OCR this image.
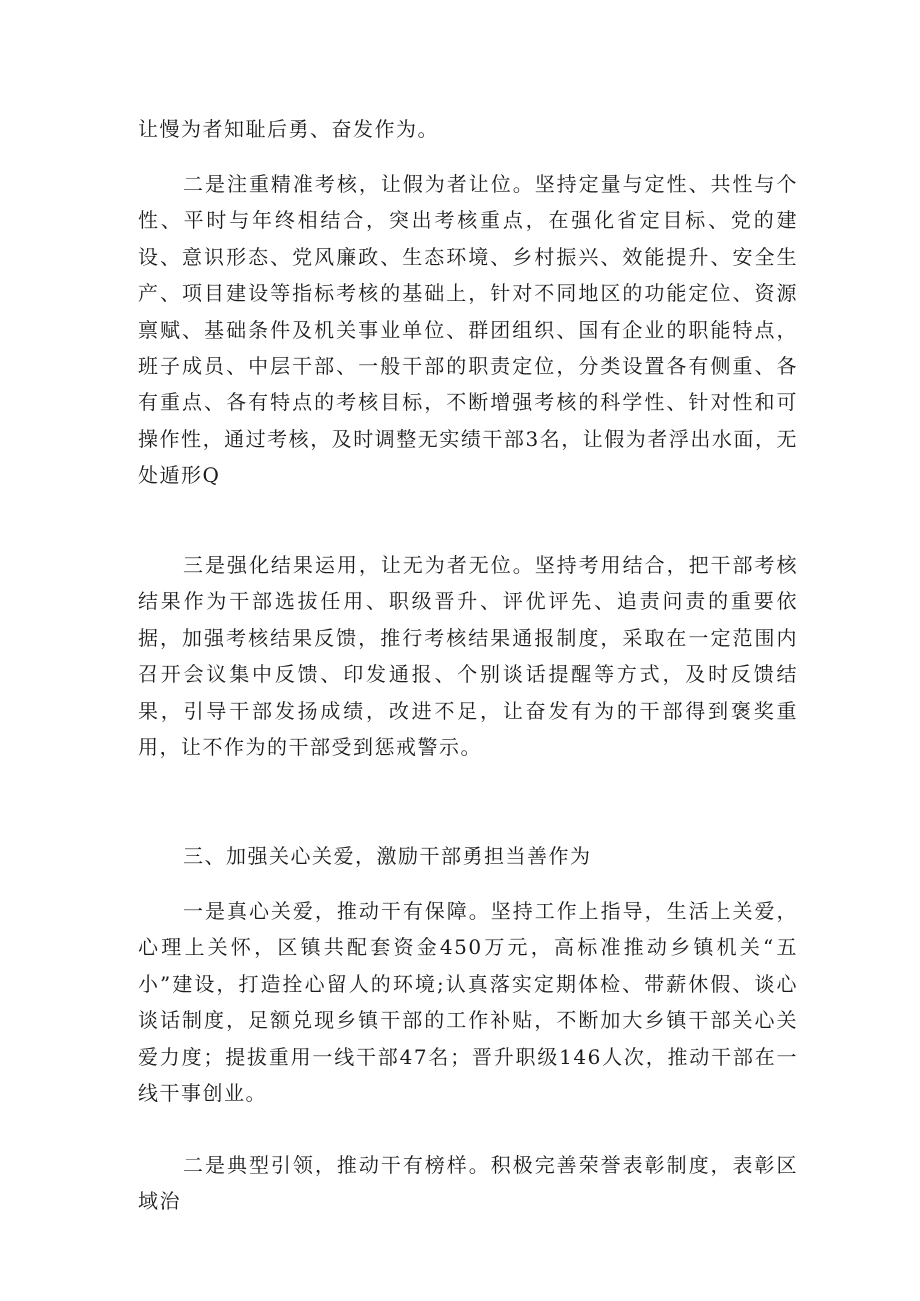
让慢为者知耻后勇、奋发作为。

二是注重精准考核，让假为者让位。坚持定量与定性、共性与个性、平时与年终相结合，突出考核重点，在强化省定目标、党的建设、意识形态、党风廉政、生态环境、乡村振兴、效能提升、安全生产、项目建设等指标考核的基础上，针对不同地区的功能定位、资源禀赋、基础条件及机关事业单位、群团组织、国有企业的职能特点，班子成员、中层干部、一般干部的职责定位，分类设置各有侧重、各有重点、各有特点的考核目标，不断增强考核的科学性、针对性和可操作性，通过考核，及时调整无实绩干部3名，让假为者浮出水面，无处遁形Q

三是强化结果运用，让无为者无位。坚持考用结合，把干部考核结果作为干部选拔任用、职级晋升、评优评先、追责问责的重要依据，加强考核结果反馈，推行考核结果通报制度，采取在一定范围内召开会议集中反馈、印发通报、个别谈话提醒等方式，及时反馈结果，引导干部发扬成绩，改进不足，让奋发有为的干部得到褒奖重用，让不作为的干部受到惩戒警示。

三、加强关心关爱，激励干部勇担当善作为

一是真心关爱，推动干有保障。坚持工作上指导，生活上关爱，心理上关怀，区镇共配套资金450万元，高标准推动乡镇机关“五小”建设，打造拴心留人的环境;认真落实定期体检、带薪休假、谈心谈话制度，足额兑现乡镇干部的工作补贴，不断加大乡镇干部关心关爱力度；提拔重用一线干部47名；晋升职级146人次，推动干部在一线干事创业。

二是典型引领，推动干有榜样。积极完善荣誉表彰制度，表彰区域治
